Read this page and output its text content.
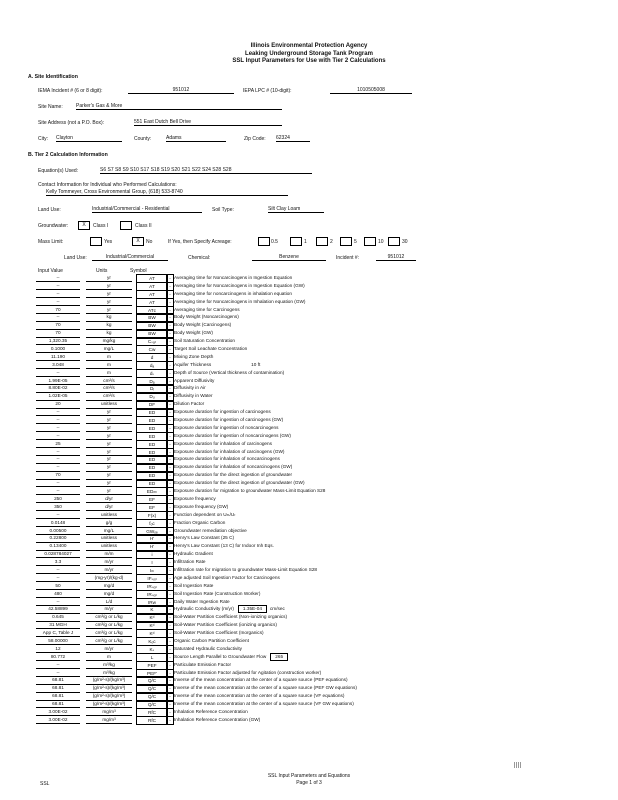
Illinois Environmental Protection Agency
Leaking Underground Storage Tank Program
SSL Input Parameters for Use with Tier 2 Calculations
A. Site Identification
IEMA Incident # (6 or 8 digit):	951012	IEPA LPC # (10-digit):	1010505008
Site Name:	Parker's Gas & More
Site Address (not a P.O. Box):	551 East Dutch Bell Drive
City: Clayton	County:	Adams	Zip Code: 62324
B. Tier 2 Calculation Information
Equation(s) Used:	S6 S7 S8 S9 S10 S17 S18 S19 S20 S21 S22 S24 S28 S28
Contact Information for Individual who Performed Calculations:
Kelly Tommeyer, Cross Environmental Group, (618) 533-8740
Land Use:	Industrial/Commercial - Residential	Soil Type:	Silt Clay Loam
Groundwater:	X	Class I	Class II
Mass Limit:	Yes	X	No	If Yes, then Specify Acreage:	0.5	1	2	5	10	30
Land Use:	Industrial/Commercial	Chemical:	Benzene	Incident #:	951012
Input Value	Units	Symbol
--	yr	AT	- Averaging time for Noncarcinogens in Ingestion Equation
--	yr	AT	- Averaging time for Noncarcinogens in Ingestion Equation (GW)
--	yr	AT	- Averaging time for noncarcinogens in inhalation equation
--	yr	AT	- Averaging time for Noncarcinogens in Inhalation equation (GW)
70	yr	ATᴄ	- Averaging time for Carcinogens
--	kg	BW	- Body Weight (Noncarcinogens)
70	kg	BW	- Body Weight (Carcinogens)
70	kg	BW	- Body Weight (GW)
1,320.35	mg/kg	Cₛₐₜ	- Soil Saturation Concentration
0.1000	mg/L	Cᴡ	- Target Soil Leachate Concentration
11.190	m	d	- Mixing Zone Depth
3.048	m	dₐ	- Aquifer Thickness	10 ft
--	m	dₛ	- Depth of Source (Vertical thickness of contamination)
1.99E-05	cm²/s	Dₐ	- Apparent Diffusivity
8.80E-02	cm²/s	Dᵢ	- Diffusivity in Air
1.02E-05	cm²/s	Dᵤ	- Diffusivity in Water
20	unitless	DF	- Dilution Factor
--	yr	ED	- Exposure duration for ingestion of carcinogens
--	yr	ED	- Exposure duration for ingestion of carcinogens (GW)
--	yr	ED	- Exposure duration for ingestion of noncarcinogens
--	yr	ED	- Exposure duration for ingestion of noncarcinogens (GW)
25	yr	ED	- Exposure duration for inhalation of carcinogens
--	yr	ED	- Exposure duration for inhalation of carcinogens (GW)
--	yr	ED	- Exposure duration for inhalation of noncarcinogens
--	yr	ED	- Exposure duration for inhalation of noncarcinogens (GW)
70	yr	ED	- Exposure duration for the direct ingestion of groundwater
--	yr	ED	- Exposure duration for the direct ingestion of groundwater (GW)
--	yr	EDₘₗ	- Exposure duration for migration to groundwater Mass-Limit Equation S28
250	d/yr	EF	- Exposure frequency
350	d/yr	EF	- Exposure frequency (GW)
--	unitless	F(x)	- Function dependent on Uₘ/Uₜ
0.0148	g/g	fₒc	- Fraction Organic Carbon
0.00500	mg/L	GWₒₑ	- Groundwater remediation objective
0.22800	unitless	H'	- Henry's Law Constant (25 C)
0.13400	unitless	H'	- Henry's Law Constant (13 C) for Indoor Inh Eqs.
0.028784027	m/m	i	- Hydraulic Gradient
3.3	m/yr	I	- Infiltration Rate
--	m/yr	Iₘ	- Infiltration rate for migration to groundwater Mass-Limit Equation S28
--	(mg-yr)/(kg-d)	IFₛₒᵢₗ	- Age adjusted Soil Ingestion Factor for Carcinogens
50	mg/d	IRₛₒᵢₗ	- Soil Ingestion Rate
480	mg/d	IRₛₒᵢₗ	- Soil Ingestion Rate (Construction Worker)
--	L/d	IRᴡ	- Daily Water Ingestion Rate
42.58899	m/yr	K	- Hydraulic Conductivity (m/yr) 1.35E-04 cm/sec
0.645	cm³/g or L/kg	Kᵈ	- Soil-Water Partition Coefficient (Non-ionizing organics)
31 MGH	cm³/g or L/kg	Kᵈ	- Soil-Water Partition Coefficient (ionizing organics)
App C, Table J	cm³/g or L/kg	Kᵈ	- Soil-Water Partition Coefficient (Inorganics)
58.00000	cm³/g or L/kg	Kₒc	- Organic Carbon Partition Coefficient
12	m/yr	Kₛ	- Saturated Hydraulic Conductivity
80.772	m	L	- Source Length Parallel to Groundwater Flow 265
--	m³/kg	PEF	- Particulate Emission Factor
--	m³/kg	PEF'	- Particulate Emission Factor adjusted for Agitation (construction worker)
68.81	(g/m²-s)/(kg/m³)	Q/C	- Inverse of the mean concentration at the center of a square source (PEF equations)
68.81	(g/m²-s)/(kg/m³)	Q/C	- Inverse of the mean concentration at the center of a square source (PEF GW equations)
68.81	(g/m²-s)/(kg/m³)	Q/C	- Inverse of the mean concentration at the center of a square source (VF equations)
68.81	(g/m²-s)/(kg/m³)	Q/C	- Inverse of the mean concentration at the center of a square source (VF GW equations)
3.00E-02	mg/m³	RfC	- Inhalation Reference Concentration
3.00E-02	mg/m³	RfC	- Inhalation Reference Concentration (GW)
SSL
SSL Input Parameters and Equations
Page 1 of 3
